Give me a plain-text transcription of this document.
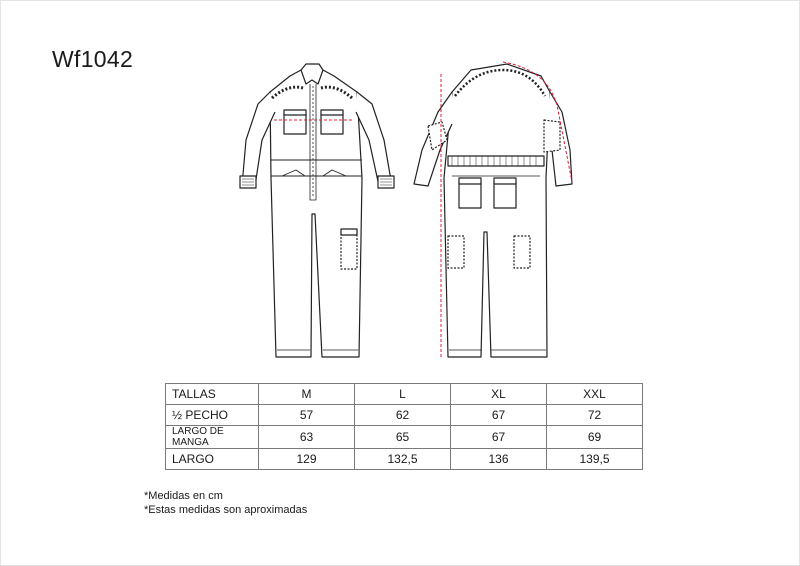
Wf1042
TALLAS	M	L	XL	XXL
½ PECHO	57	62	67	72
LARGO DE MANGA	63	65	67	69
LARGO	129	132,5	136	139,5
*Medidas en cm
*Estas medidas son aproximadas
